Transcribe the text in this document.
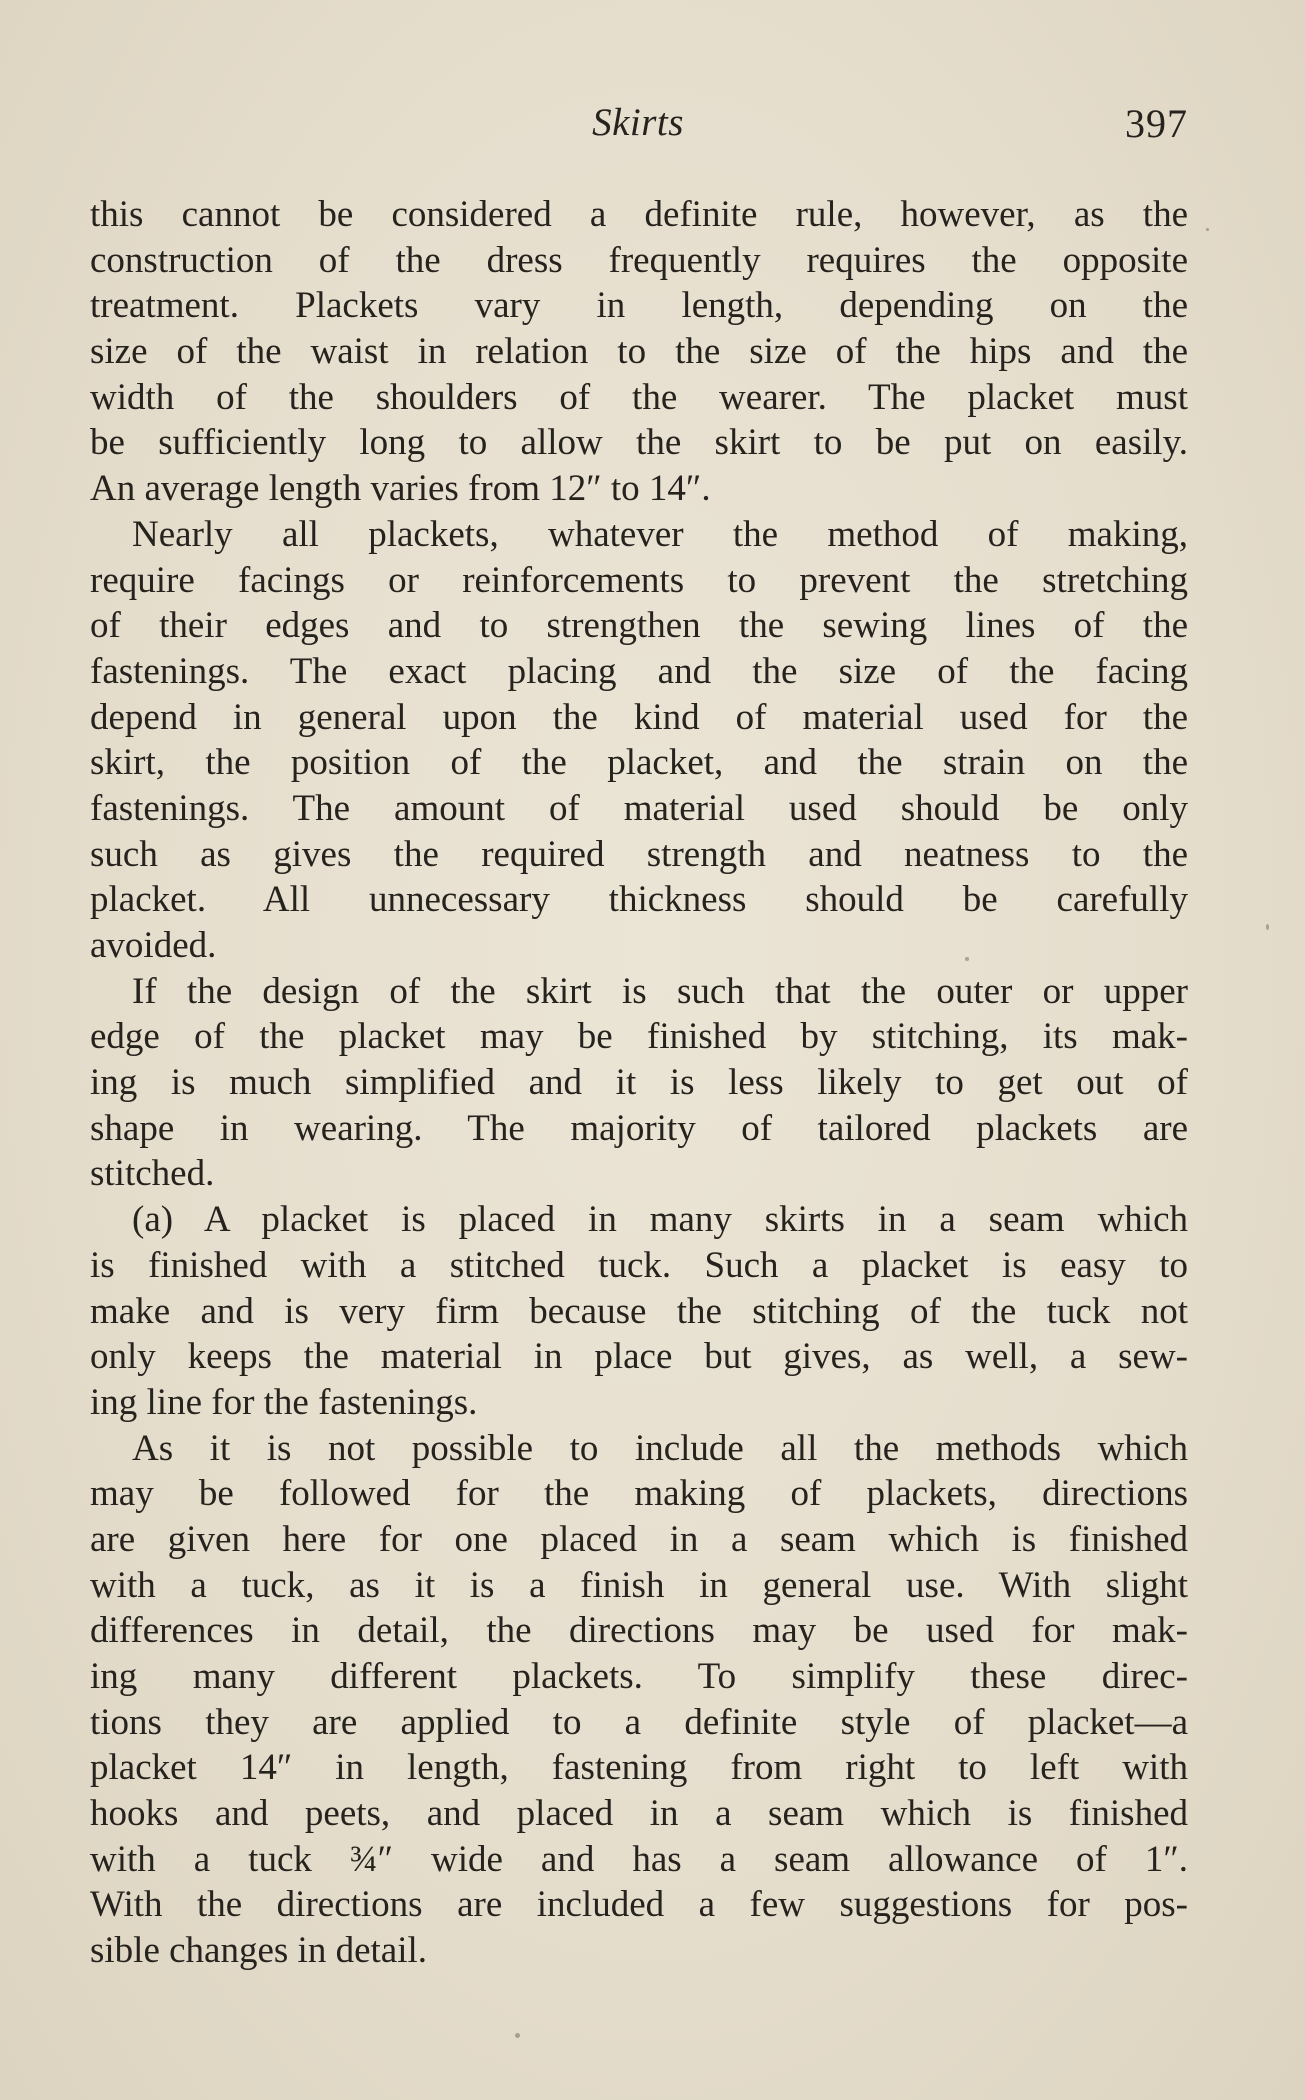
Skirts	397
this cannot be considered a definite rule, however, as the
construction of the dress frequently requires the opposite
treatment. Plackets vary in length, depending on the
size of the waist in relation to the size of the hips and the
width of the shoulders of the wearer. The placket must
be sufficiently long to allow the skirt to be put on easily.
An average length varies from 12″ to 14″.
Nearly all plackets, whatever the method of making,
require facings or reinforcements to prevent the stretching
of their edges and to strengthen the sewing lines of the
fastenings. The exact placing and the size of the facing
depend in general upon the kind of material used for the
skirt, the position of the placket, and the strain on the
fastenings. The amount of material used should be only
such as gives the required strength and neatness to the
placket. All unnecessary thickness should be carefully
avoided.
If the design of the skirt is such that the outer or upper
edge of the placket may be finished by stitching, its mak-
ing is much simplified and it is less likely to get out of
shape in wearing. The majority of tailored plackets are
stitched.
(a) A placket is placed in many skirts in a seam which
is finished with a stitched tuck. Such a placket is easy to
make and is very firm because the stitching of the tuck not
only keeps the material in place but gives, as well, a sew-
ing line for the fastenings.
As it is not possible to include all the methods which
may be followed for the making of plackets, directions
are given here for one placed in a seam which is finished
with a tuck, as it is a finish in general use. With slight
differences in detail, the directions may be used for mak-
ing many different plackets. To simplify these direc-
tions they are applied to a definite style of placket—a
placket 14″ in length, fastening from right to left with
hooks and peets, and placed in a seam which is finished
with a tuck ¾″ wide and has a seam allowance of 1″.
With the directions are included a few suggestions for pos-
sible changes in detail.
